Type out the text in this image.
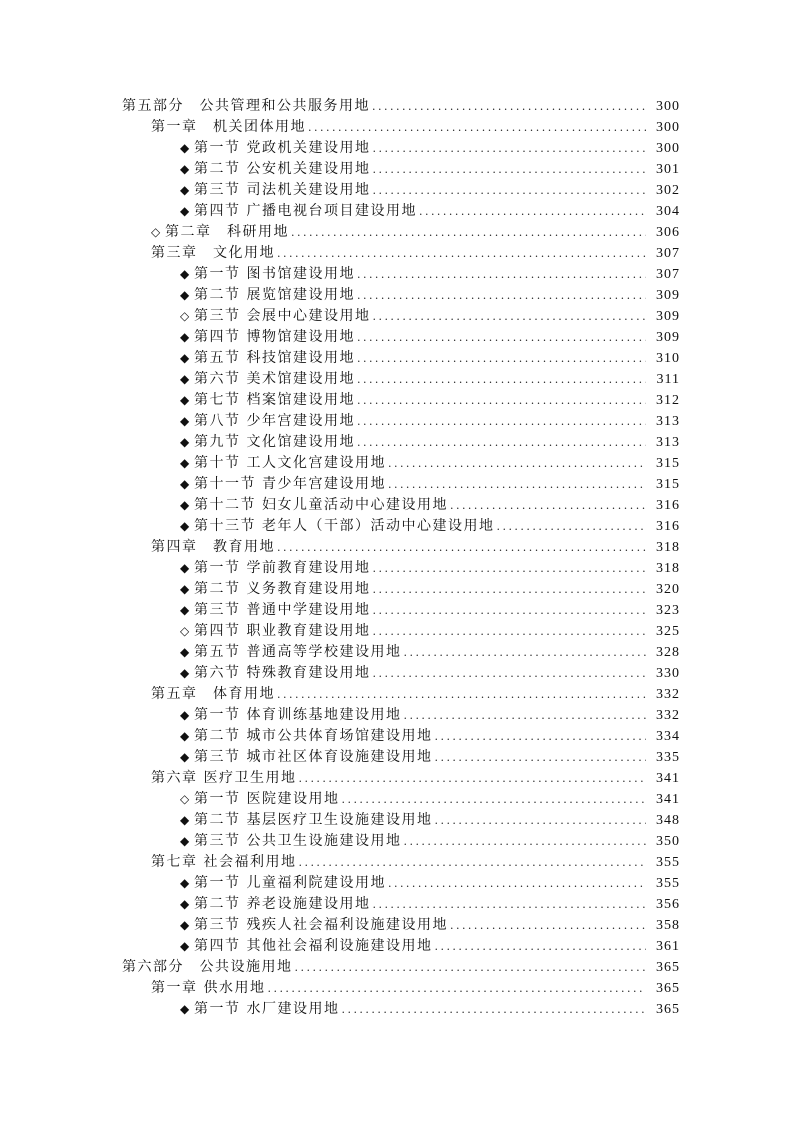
第五部分　公共管理和公共服务用地 . . .	300
第一章　机关团体用地 . . .	300
◆ 第一节 党政机关建设用地 . . .	300
◆ 第二节 公安机关建设用地 . . .	301
◆ 第三节 司法机关建设用地 . . .	302
◆ 第四节 广播电视台项目建设用地 . . .	304
◇ 第二章　科研用地 . . .	306
第三章　文化用地 . . .	307
◆ 第一节 图书馆建设用地 . . .	307
◆ 第二节 展览馆建设用地 . . .	309
◇ 第三节 会展中心建设用地 . . .	309
◆ 第四节 博物馆建设用地 . . .	309
◆ 第五节 科技馆建设用地 . . .	310
◆ 第六节 美术馆建设用地 . . .	311
◆ 第七节 档案馆建设用地 . . .	312
◆ 第八节 少年宫建设用地 . . .	313
◆ 第九节 文化馆建设用地 . . .	313
◆ 第十节 工人文化宫建设用地 . . .	315
◆ 第十一节 青少年宫建设用地 . . .	315
◆ 第十二节 妇女儿童活动中心建设用地 . . .	316
◆ 第十三节 老年人（干部）活动中心建设用地 . . .	316
第四章　教育用地 . . .	318
◆ 第一节 学前教育建设用地 . . .	318
◆ 第二节 义务教育建设用地 . . .	320
◆ 第三节 普通中学建设用地 . . .	323
◇ 第四节 职业教育建设用地 . . .	325
◆ 第五节 普通高等学校建设用地 . . .	328
◆ 第六节 特殊教育建设用地 . . .	330
第五章　体育用地 . . .	332
◆ 第一节 体育训练基地建设用地 . . .	332
◆ 第二节 城市公共体育场馆建设用地 . . .	334
◆ 第三节 城市社区体育设施建设用地 . . .	335
第六章 医疗卫生用地 . . .	341
◇ 第一节 医院建设用地 . . .	341
◆ 第二节 基层医疗卫生设施建设用地 . . .	348
◆ 第三节 公共卫生设施建设用地 . . .	350
第七章 社会福利用地 . . .	355
◆ 第一节 儿童福利院建设用地 . . .	355
◆ 第二节 养老设施建设用地 . . .	356
◆ 第三节 残疾人社会福利设施建设用地 . . .	358
◆ 第四节 其他社会福利设施建设用地 . . .	361
第六部分　公共设施用地 . . .	365
第一章 供水用地 . . .	365
◆ 第一节 水厂建设用地 . . .	365
